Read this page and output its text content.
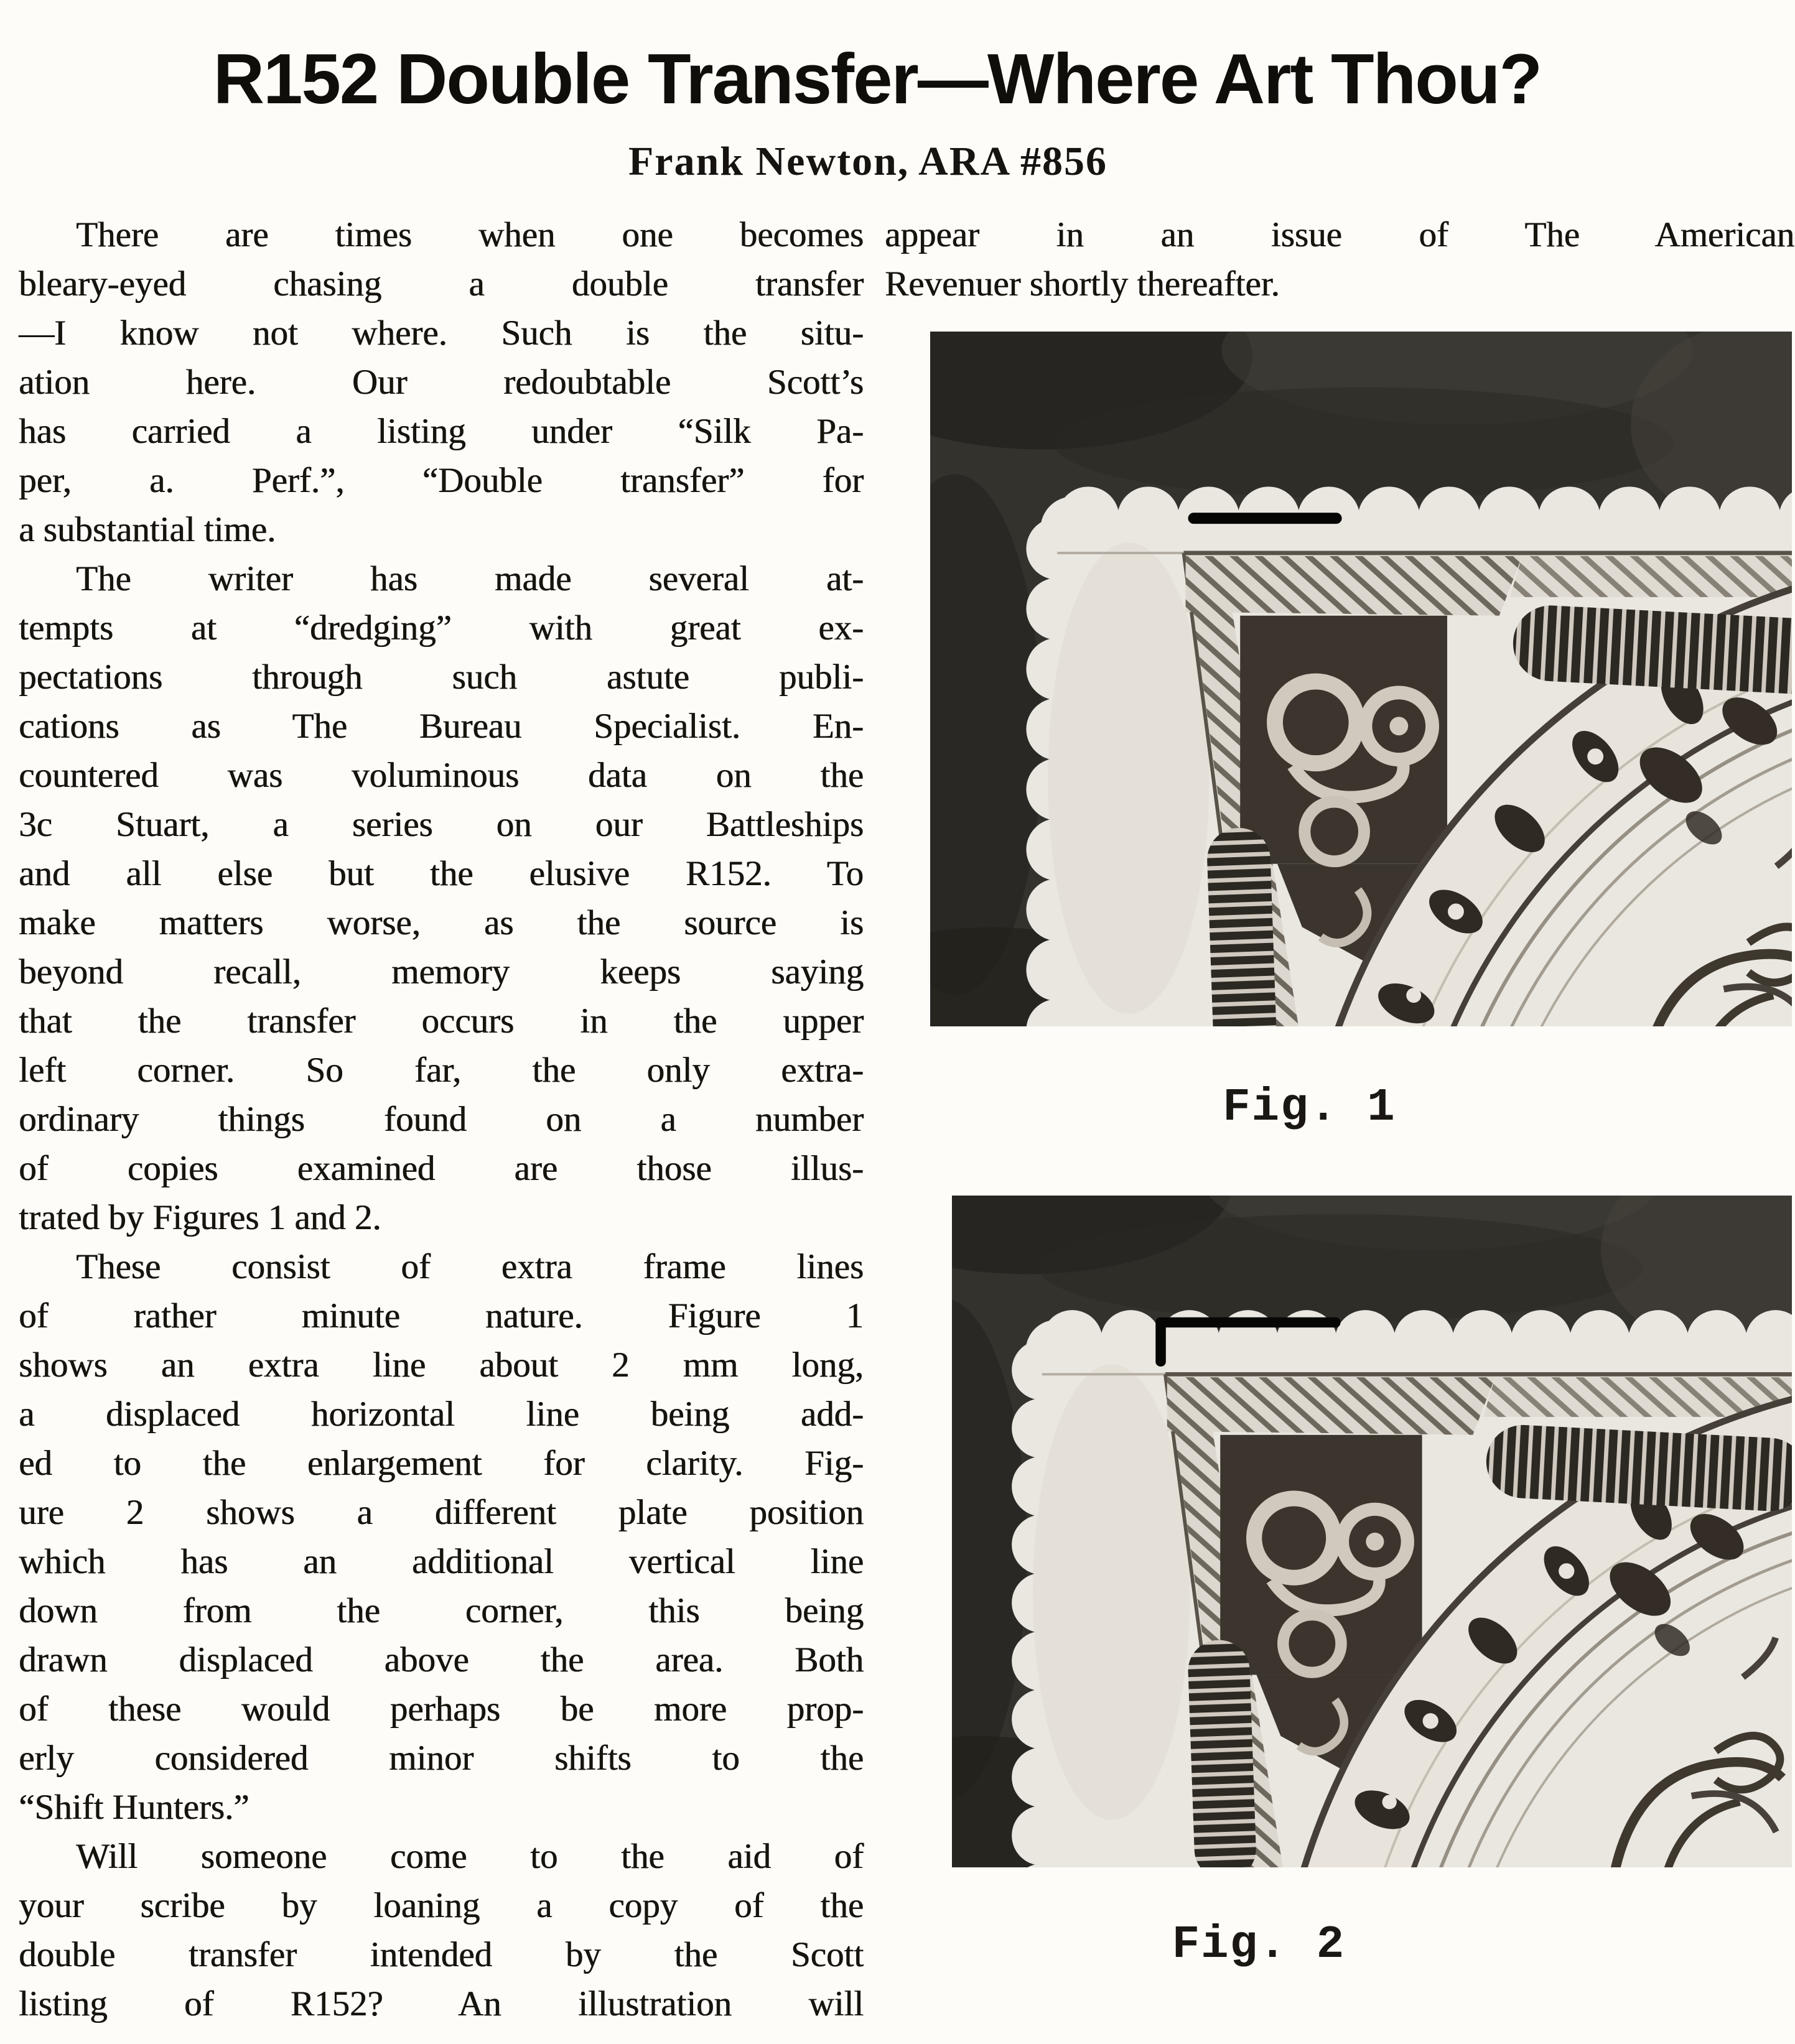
R152 Double Transfer—Where Art Thou?
Frank Newton, ARA #856
There are times when one becomes
bleary-eyed chasing a double transfer
—I know not where. Such is the situ-
ation here. Our redoubtable Scott’s
has carried a listing under “Silk Pa-
per, a. Perf.”, “Double transfer” for
a substantial time.
The writer has made several at-
tempts at “dredging” with great ex-
pectations through such astute publi-
cations as The Bureau Specialist. En-
countered was voluminous data on the
3c Stuart, a series on our Battleships
and all else but the elusive R152. To
make matters worse, as the source is
beyond recall, memory keeps saying
that the transfer occurs in the upper
left corner. So far, the only extra-
ordinary things found on a number
of copies examined are those illus-
trated by Figures 1 and 2.
These consist of extra frame lines
of rather minute nature. Figure 1
shows an extra line about 2 mm long,
a displaced horizontal line being add-
ed to the enlargement for clarity. Fig-
ure 2 shows a different plate position
which has an additional vertical line
down from the corner, this being
drawn displaced above the area. Both
of these would perhaps be more prop-
erly considered minor shifts to the
“Shift Hunters.”
Will someone come to the aid of
your scribe by loaning a copy of the
double transfer intended by the Scott
listing of R152? An illustration will
appear in an issue of The American
Revenuer shortly thereafter.
Fig. 1
Fig. 2
